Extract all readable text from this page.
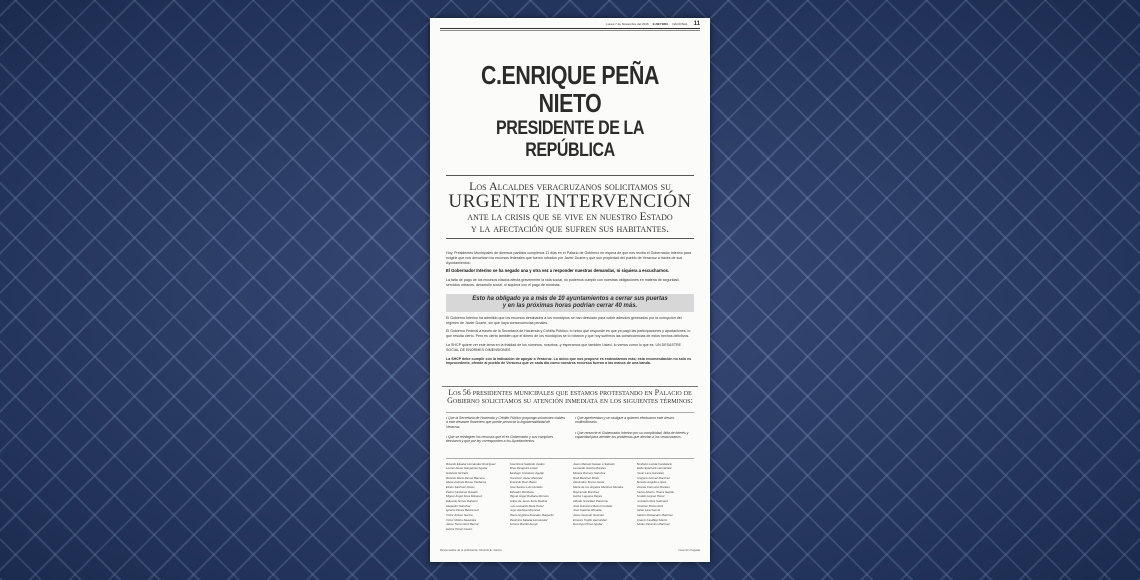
Lunes 7 de Noviembre del 2016 E-NEYBRA NACIONAL 11
C.ENRIQUE PEÑA NIETO
PRESIDENTE DE LA REPÚBLICA
Los Alcaldes veracruzanos solicitamos su
URGENTE INTERVENCIÓN
ante la crisis que se vive en nuestro Estado
y la afectación que sufren sus habitantes.

Hoy, Presidentes Municipales de diversos partidos cumplimos 11 días en el Palacio de Gobierno en espera de que nos reciba el Gobernador Interino para exigirle que nos devuelvan los recursos federales que fueron robados por Javier Duarte y que son propiedad del pueblo de Veracruz a través de sus Ayuntamientos.

El Gobernador Interino se ha negado una y otra vez a responder nuestras demandas, ni siquiera a escucharnos.

La falta de pago de los recursos citados afecta gravemente la vida social, no podemos cumplir con nuestras obligaciones en materia de seguridad, servicios urbanos, desarrollo social, ni siquiera con el pago de nóminas.

Esto ha obligado ya a más de 10 ayuntamientos a cerrar sus puertas
y en las próximas horas podrían cerrar 40 más.

El Gobierno Interino ha admitido que los recursos destinados a los municipios se han desviado para cubrir adeudos generados por la corrupción del régimen de Javier Duarte, sin que haya consecuencias penales.

El Gobierno Federal a través de la Secretaría de Hacienda y Crédito Público, lo único que responde es que ya pagó las participaciones y aportaciones, lo que resulta cierto. Pero es cierto también que el dinero de los municipios se lo robaron y que hoy sufrimos las consecuencias de estos hechos delictivos.

La SHCP quiere ver este tema en la frialdad de los números, nosotros -y esperamos que también Usted- lo vemos como lo que es: UN DESASTRE SOCIAL DE ENORMES DIMENSIONES.

La SHCP debe cumplir con la indicación de apoyar a Veracruz. Lo único que nos propone es endeudarnos más; esta recomendación no solo es improcedente, ofende al pueblo de Veracruz que ve cada día como nuestros recursos fueron a las manos de una banda.

Los 56 presidentes municipales que estamos protestando en Palacio de Gobierno solicitamos su atención inmediata en los siguientes términos:

• Que la Secretaría de Hacienda y Crédito Público proponga soluciones viables a este desastre financiero que puede provocar la ingobernabilidad de Veracruz.

• Que se reintegren los recursos que el ex Gobernador y sus cómplices desviaron y que por ley corresponden a los Ayuntamientos.

• Que aprehendan y se castigue a quienes efectuaron este desvío multimillonario.

• Que renuncie el Gobernador Interino por su complicidad, falta de interés y capacidad para atender los problemas que afectan a los veracruzanos.

Ricardo Eleazar Hernández Rodríguez
Leonel Javier Sangabriel Aguilar
Gabriela Gil Félix
Ricardo Mario Zarraz Bárcena
María Antonia Rosas Cárdenas
Efraín Sánchez Flores
Pedro Cárdenas Rosado
Miguel Ángel Sosa Márquez
Eduardo Armas Rubiano
Alejandro Sánchez
Ignacio Flores Betancourt
Víctor Alonso García
Víctor Molina Saavedra
Jaime Torres Ruiz Bernal
Héctor Pérez Castro
José René Gallardo Ávalos
Elías Zaragoza López
Santiago Cortázaro Aguilar
Francisco Javier Martínez
Everardo Ruiz Mateo
José Santos Luis Hurtado
Salvador Mendoza
Miguel Ángel Roldana Romero
Felipe de Jesús Solís Medina
Luis Leonardo Reza Pérez
Hugo Apolaya Moyonaz
María Angélica Alvarado Margarito
Maximino Salazar Hernández
Antonio Bonilla Arroyo
Jesús Manuel Gaspar a Salcedo
Leonardo García Morales
Moisés Romero Sánchez
Raúl Martínez Mirali
Alexandrer Flores Heras
María de los Ángeles Martínez Morales
Raymundo Martínez
Héctor Laguera Reyes
Alfredo González Palomino
José Francisco Bacut Cordelie
José Cadena Ahmada
Jesús Guzmán Guzmán
Ernesto Trujillo Hernández
Domingo Pérez Aguilar
Bonifacio Landa Candelario
Elidio Sparhank Hernández
Oscar Lara Gonzalez
Gregorio Gómez Martínez
Benedo Angeles López
Vicente Carmona Morales
Carlos Alberto Ybarra Galván
Amaldo Heyser Pérez
Leonardo Ruiz Galmand
Cristinan Flores Ruiz
Julián Lara García
Gabino Polisecario Martínez
Ignacio Castillejo Martín
Adrián Palomino Martínez
Responsable de la publicación: Ricardo E. García	Inserción Pagada
